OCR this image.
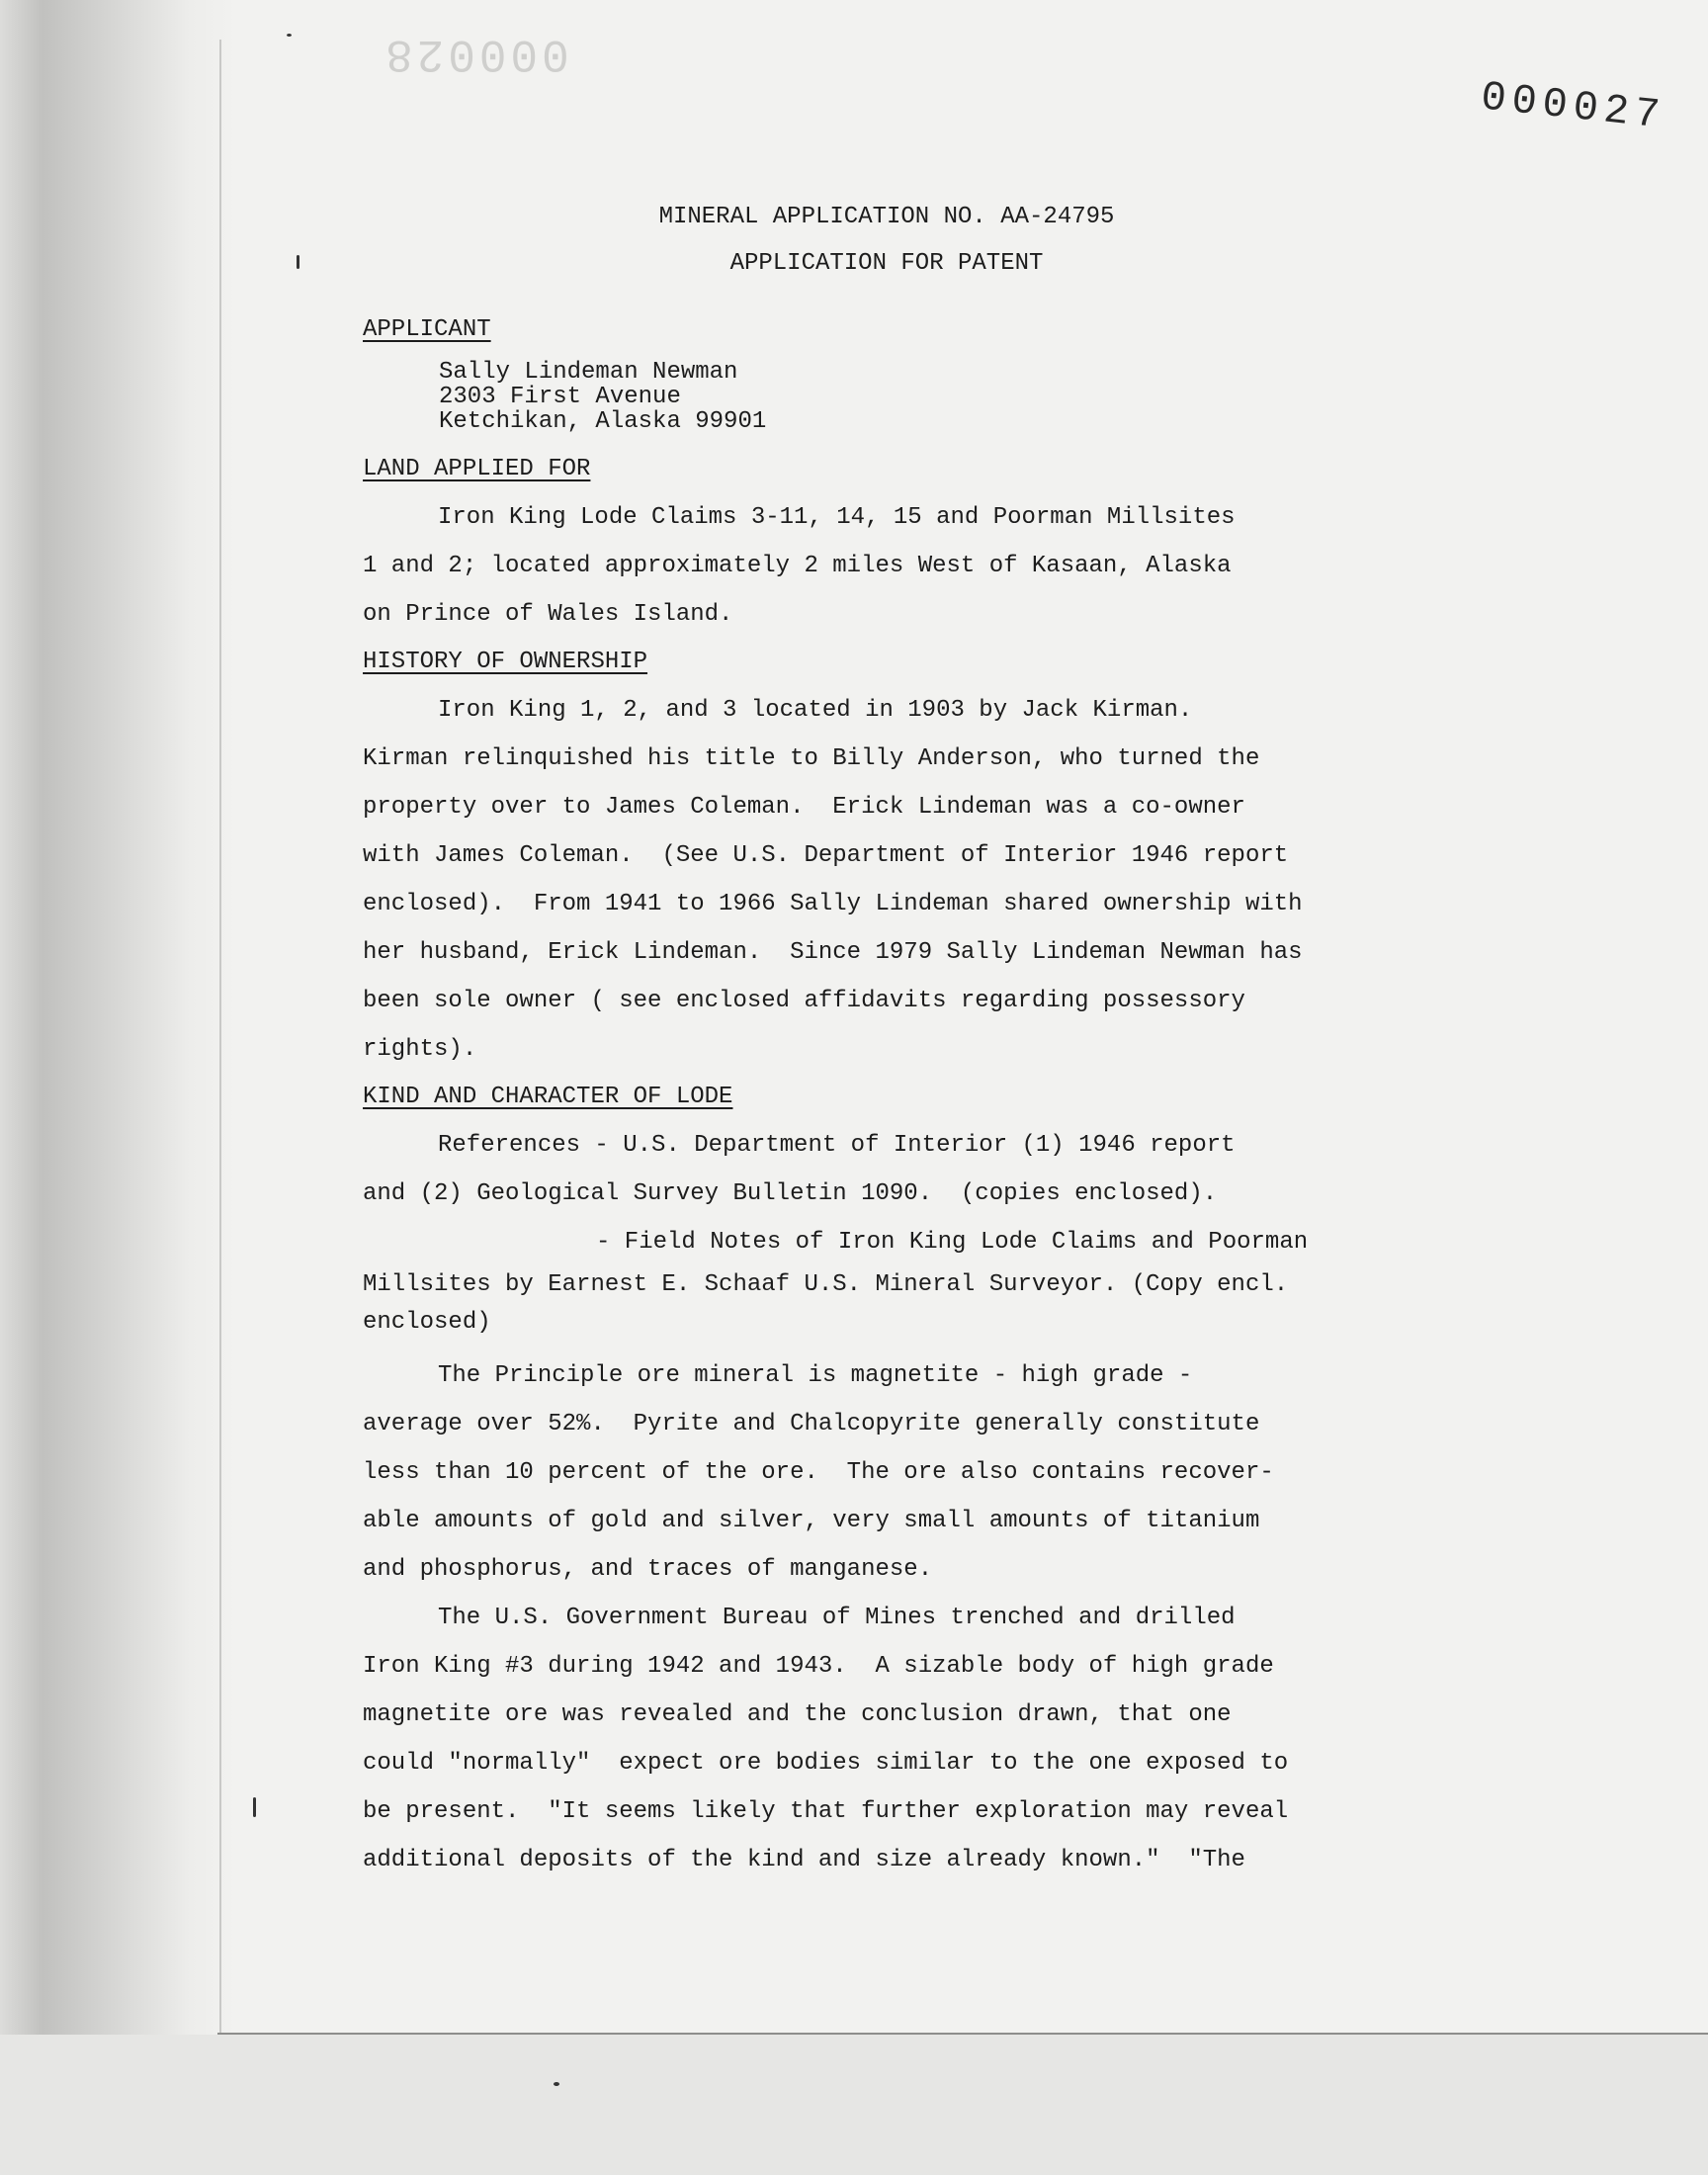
000028
000027
MINERAL APPLICATION NO. AA-24795
APPLICATION FOR PATENT
APPLICANT
Sally Lindeman Newman
2303 First Avenue
Ketchikan, Alaska 99901
LAND APPLIED FOR
Iron King Lode Claims 3-11, 14, 15 and Poorman Millsites
1 and 2; located approximately 2 miles West of Kasaan, Alaska
on Prince of Wales Island.
HISTORY OF OWNERSHIP
Iron King 1, 2, and 3 located in 1903 by Jack Kirman.
Kirman relinquished his title to Billy Anderson, who turned the
property over to James Coleman.  Erick Lindeman was a co-owner
with James Coleman.  (See U.S. Department of Interior 1946 report
enclosed).  From 1941 to 1966 Sally Lindeman shared ownership with
her husband, Erick Lindeman.  Since 1979 Sally Lindeman Newman has
been sole owner ( see enclosed affidavits regarding possessory
rights).
KIND AND CHARACTER OF LODE
References - U.S. Department of Interior (1) 1946 report
and (2) Geological Survey Bulletin 1090.  (copies enclosed).
- Field Notes of Iron King Lode Claims and Poorman
Millsites by Earnest E. Schaaf U.S. Mineral Surveyor. (Copy encl.
enclosed)
The Principle ore mineral is magnetite - high grade -
average over 52%.  Pyrite and Chalcopyrite generally constitute
less than 10 percent of the ore.  The ore also contains recover-
able amounts of gold and silver, very small amounts of titanium
and phosphorus, and traces of manganese.
The U.S. Government Bureau of Mines trenched and drilled
Iron King #3 during 1942 and 1943.  A sizable body of high grade
magnetite ore was revealed and the conclusion drawn, that one
could "normally"  expect ore bodies similar to the one exposed to
be present.  "It seems likely that further exploration may reveal
additional deposits of the kind and size already known."  "The
